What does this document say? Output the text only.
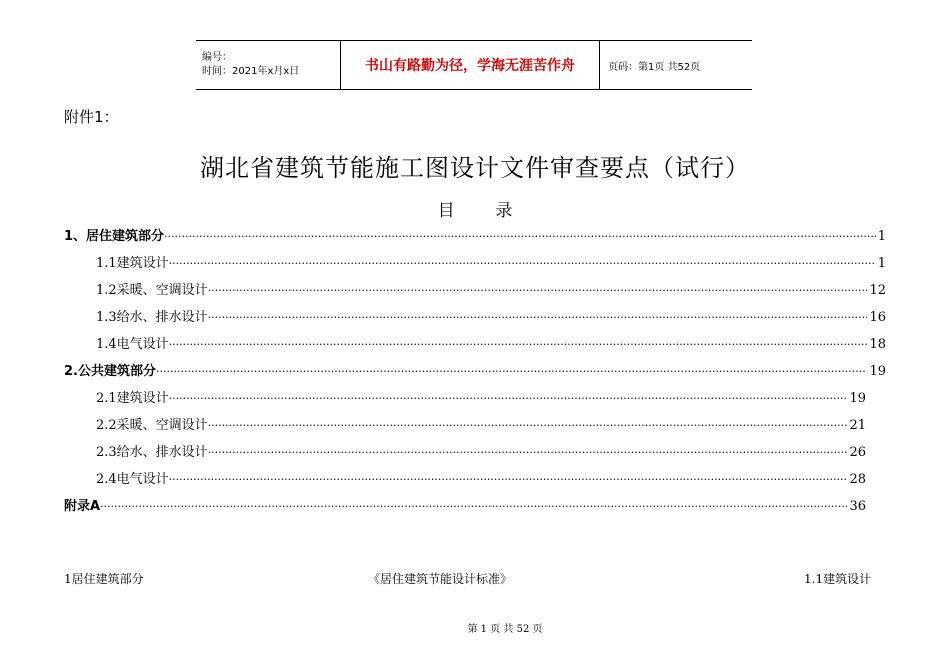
编号：
时间：2021年x月x日	书山有路勤为径，学海无涯苦作舟	页码：第1页 共52页
附件1：
湖北省建筑节能施工图设计文件审查要点（试行）
目 录
1、居住建筑部分 ·····	1
1.1建筑设计 ·····	1
1.2采暖、空调设计 ·····	12
1.3给水、排水设计 ·····	16
1.4电气设计 ·····	18
2.公共建筑部分 ·····	19
2.1建筑设计 ·····	19
2.2采暖、空调设计 ·····	21
2.3给水、排水设计 ·····	26
2.4电气设计 ·····	28
附录A ·····	36
1居住建筑部分	《居住建筑节能设计标准》	1.1建筑设计
第 1 页 共 52 页
